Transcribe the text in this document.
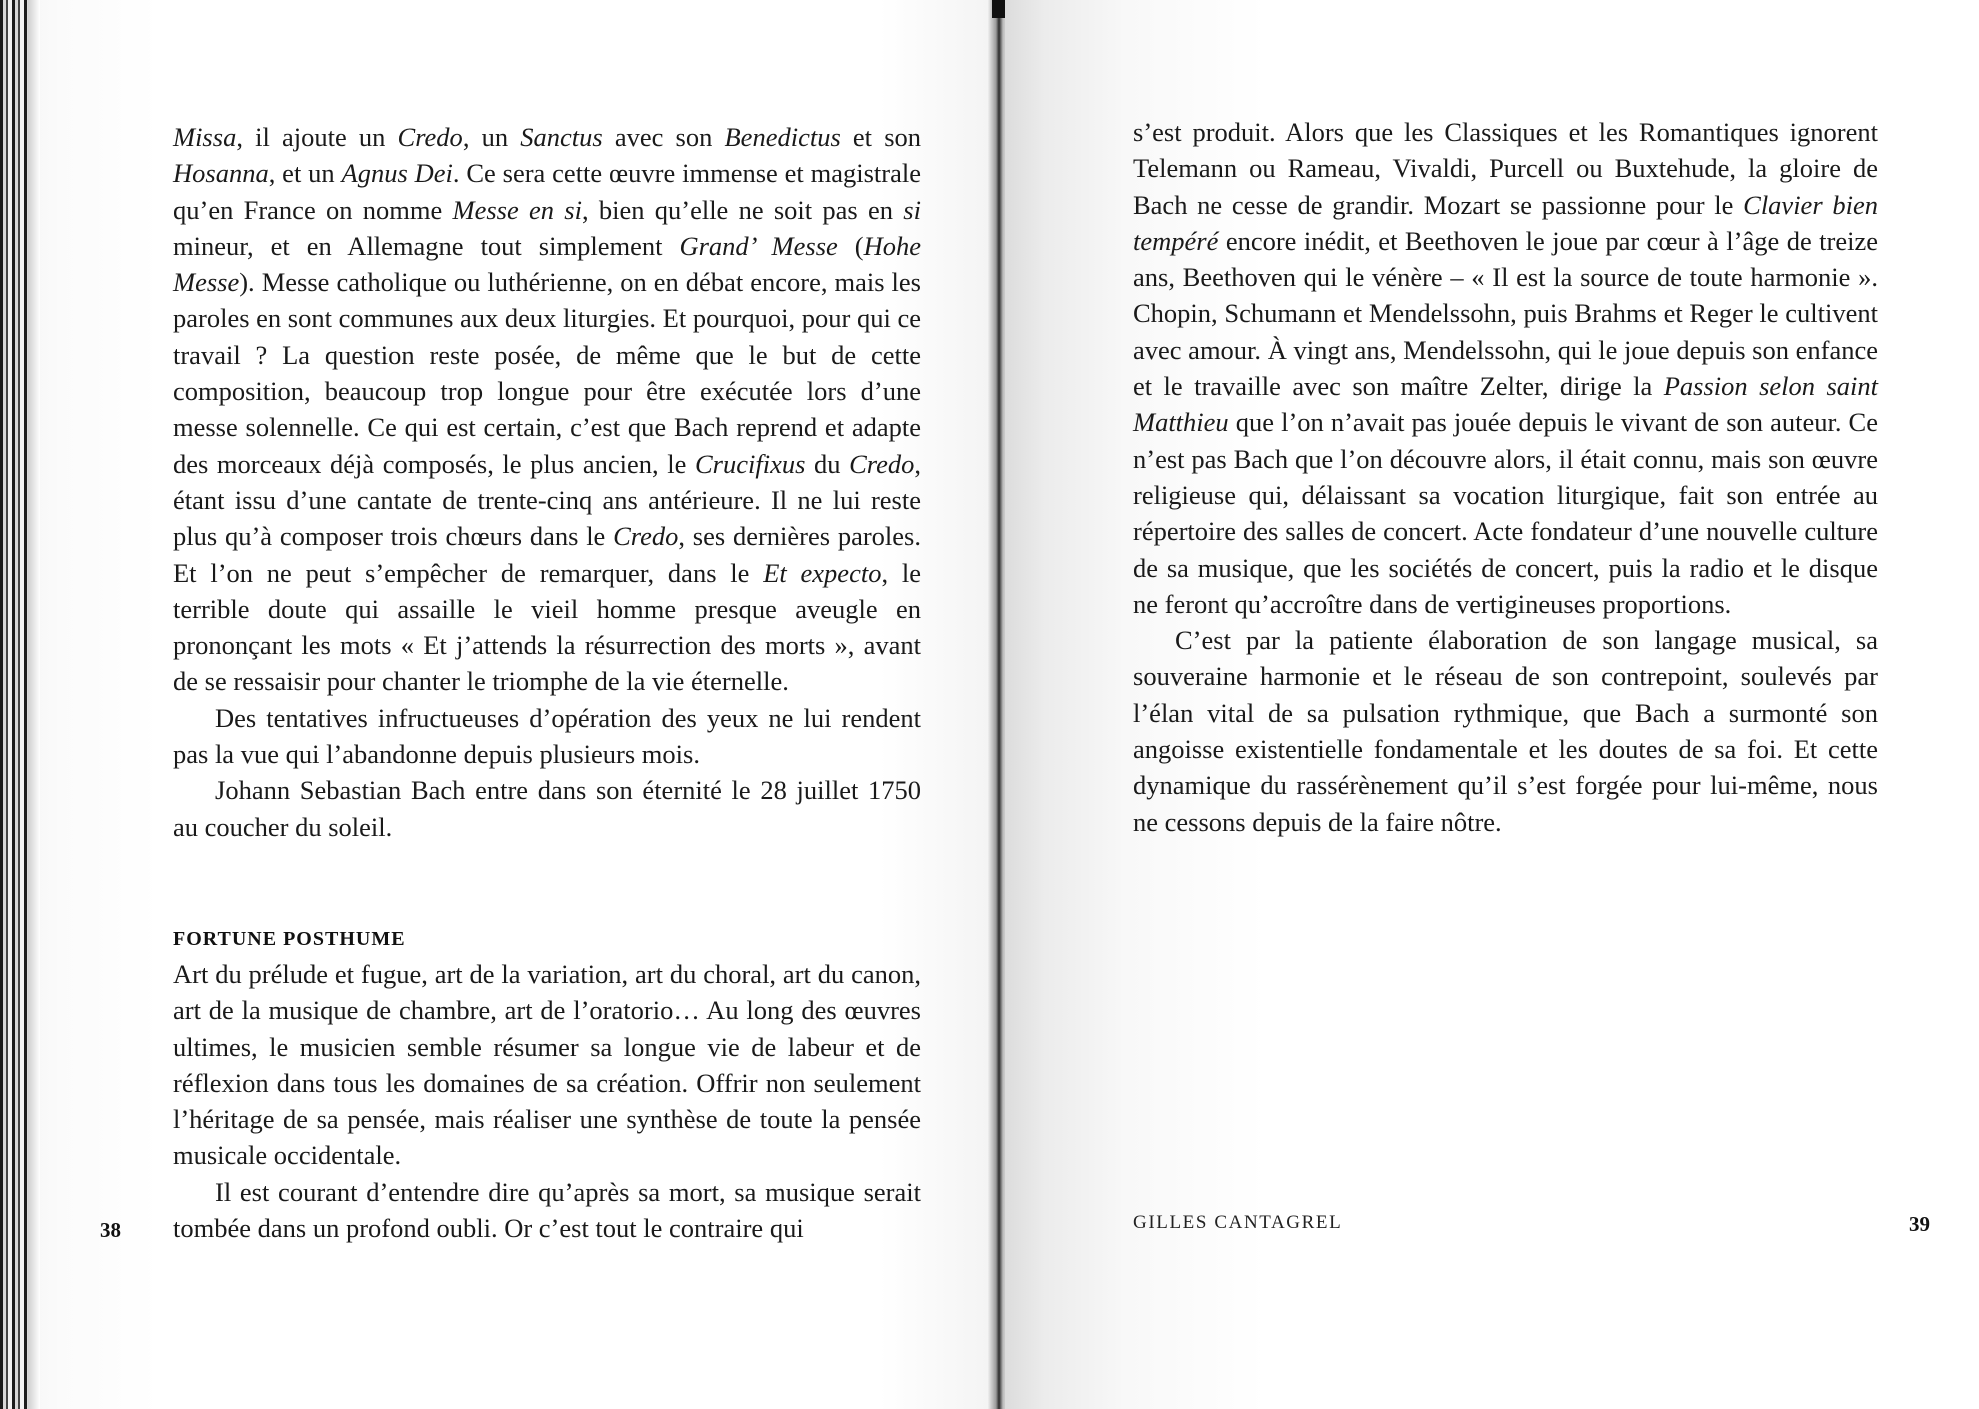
Missa, il ajoute un Credo, un Sanctus avec son Benedictus et son Hosanna, et un Agnus Dei. Ce sera cette œuvre immense et magistrale qu’en France on nomme Messe en si, bien qu’elle ne soit pas en si mineur, et en Allemagne tout simplement Grand’ Messe (Hohe Messe). Messe catholique ou luthérienne, on en débat encore, mais les paroles en sont communes aux deux liturgies. Et pourquoi, pour qui ce travail ? La question reste posée, de même que le but de cette composition, beaucoup trop longue pour être exécutée lors d’une messe solennelle. Ce qui est certain, c’est que Bach reprend et adapte des morceaux déjà composés, le plus ancien, le Crucifixus du Credo, étant issu d’une cantate de trente-cinq ans antérieure. Il ne lui reste plus qu’à composer trois chœurs dans le Credo, ses dernières paroles. Et l’on ne peut s’empêcher de remarquer, dans le Et expecto, le terrible doute qui assaille le vieil homme presque aveugle en prononçant les mots « Et j’attends la résurrection des morts », avant de se ressaisir pour chanter le triomphe de la vie éternelle.

Des tentatives infructueuses d’opération des yeux ne lui rendent pas la vue qui l’abandonne depuis plusieurs mois.

Johann Sebastian Bach entre dans son éternité le 28 juillet 1750 au coucher du soleil.

FORTUNE POSTHUME

Art du prélude et fugue, art de la variation, art du choral, art du canon, art de la musique de chambre, art de l’oratorio… Au long des œuvres ultimes, le musicien semble résumer sa longue vie de labeur et de réflexion dans tous les domaines de sa création. Offrir non seulement l’héritage de sa pensée, mais réaliser une synthèse de toute la pensée musicale occidentale.

Il est courant d’entendre dire qu’après sa mort, sa musique serait tombée dans un profond oubli. Or c’est tout le contraire qui

38

s’est produit. Alors que les Classiques et les Romantiques ignorent Telemann ou Rameau, Vivaldi, Purcell ou Buxtehude, la gloire de Bach ne cesse de grandir. Mozart se passionne pour le Clavier bien tempéré encore inédit, et Beethoven le joue par cœur à l’âge de treize ans, Beethoven qui le vénère – « Il est la source de toute harmonie ». Chopin, Schumann et Mendelssohn, puis Brahms et Reger le cultivent avec amour. À vingt ans, Mendelssohn, qui le joue depuis son enfance et le travaille avec son maître Zelter, dirige la Passion selon saint Matthieu que l’on n’avait pas jouée depuis le vivant de son auteur. Ce n’est pas Bach que l’on découvre alors, il était connu, mais son œuvre religieuse qui, délaissant sa vocation liturgique, fait son entrée au répertoire des salles de concert. Acte fondateur d’une nouvelle culture de sa musique, que les sociétés de concert, puis la radio et le disque ne feront qu’accroître dans de vertigineuses proportions.

C’est par la patiente élaboration de son langage musical, sa souveraine harmonie et le réseau de son contrepoint, soulevés par l’élan vital de sa pulsation rythmique, que Bach a surmonté son angoisse existentielle fondamentale et les doutes de sa foi. Et cette dynamique du rassérènement qu’il s’est forgée pour lui-même, nous ne cessons depuis de la faire nôtre.

GILLES CANTAGREL	39
